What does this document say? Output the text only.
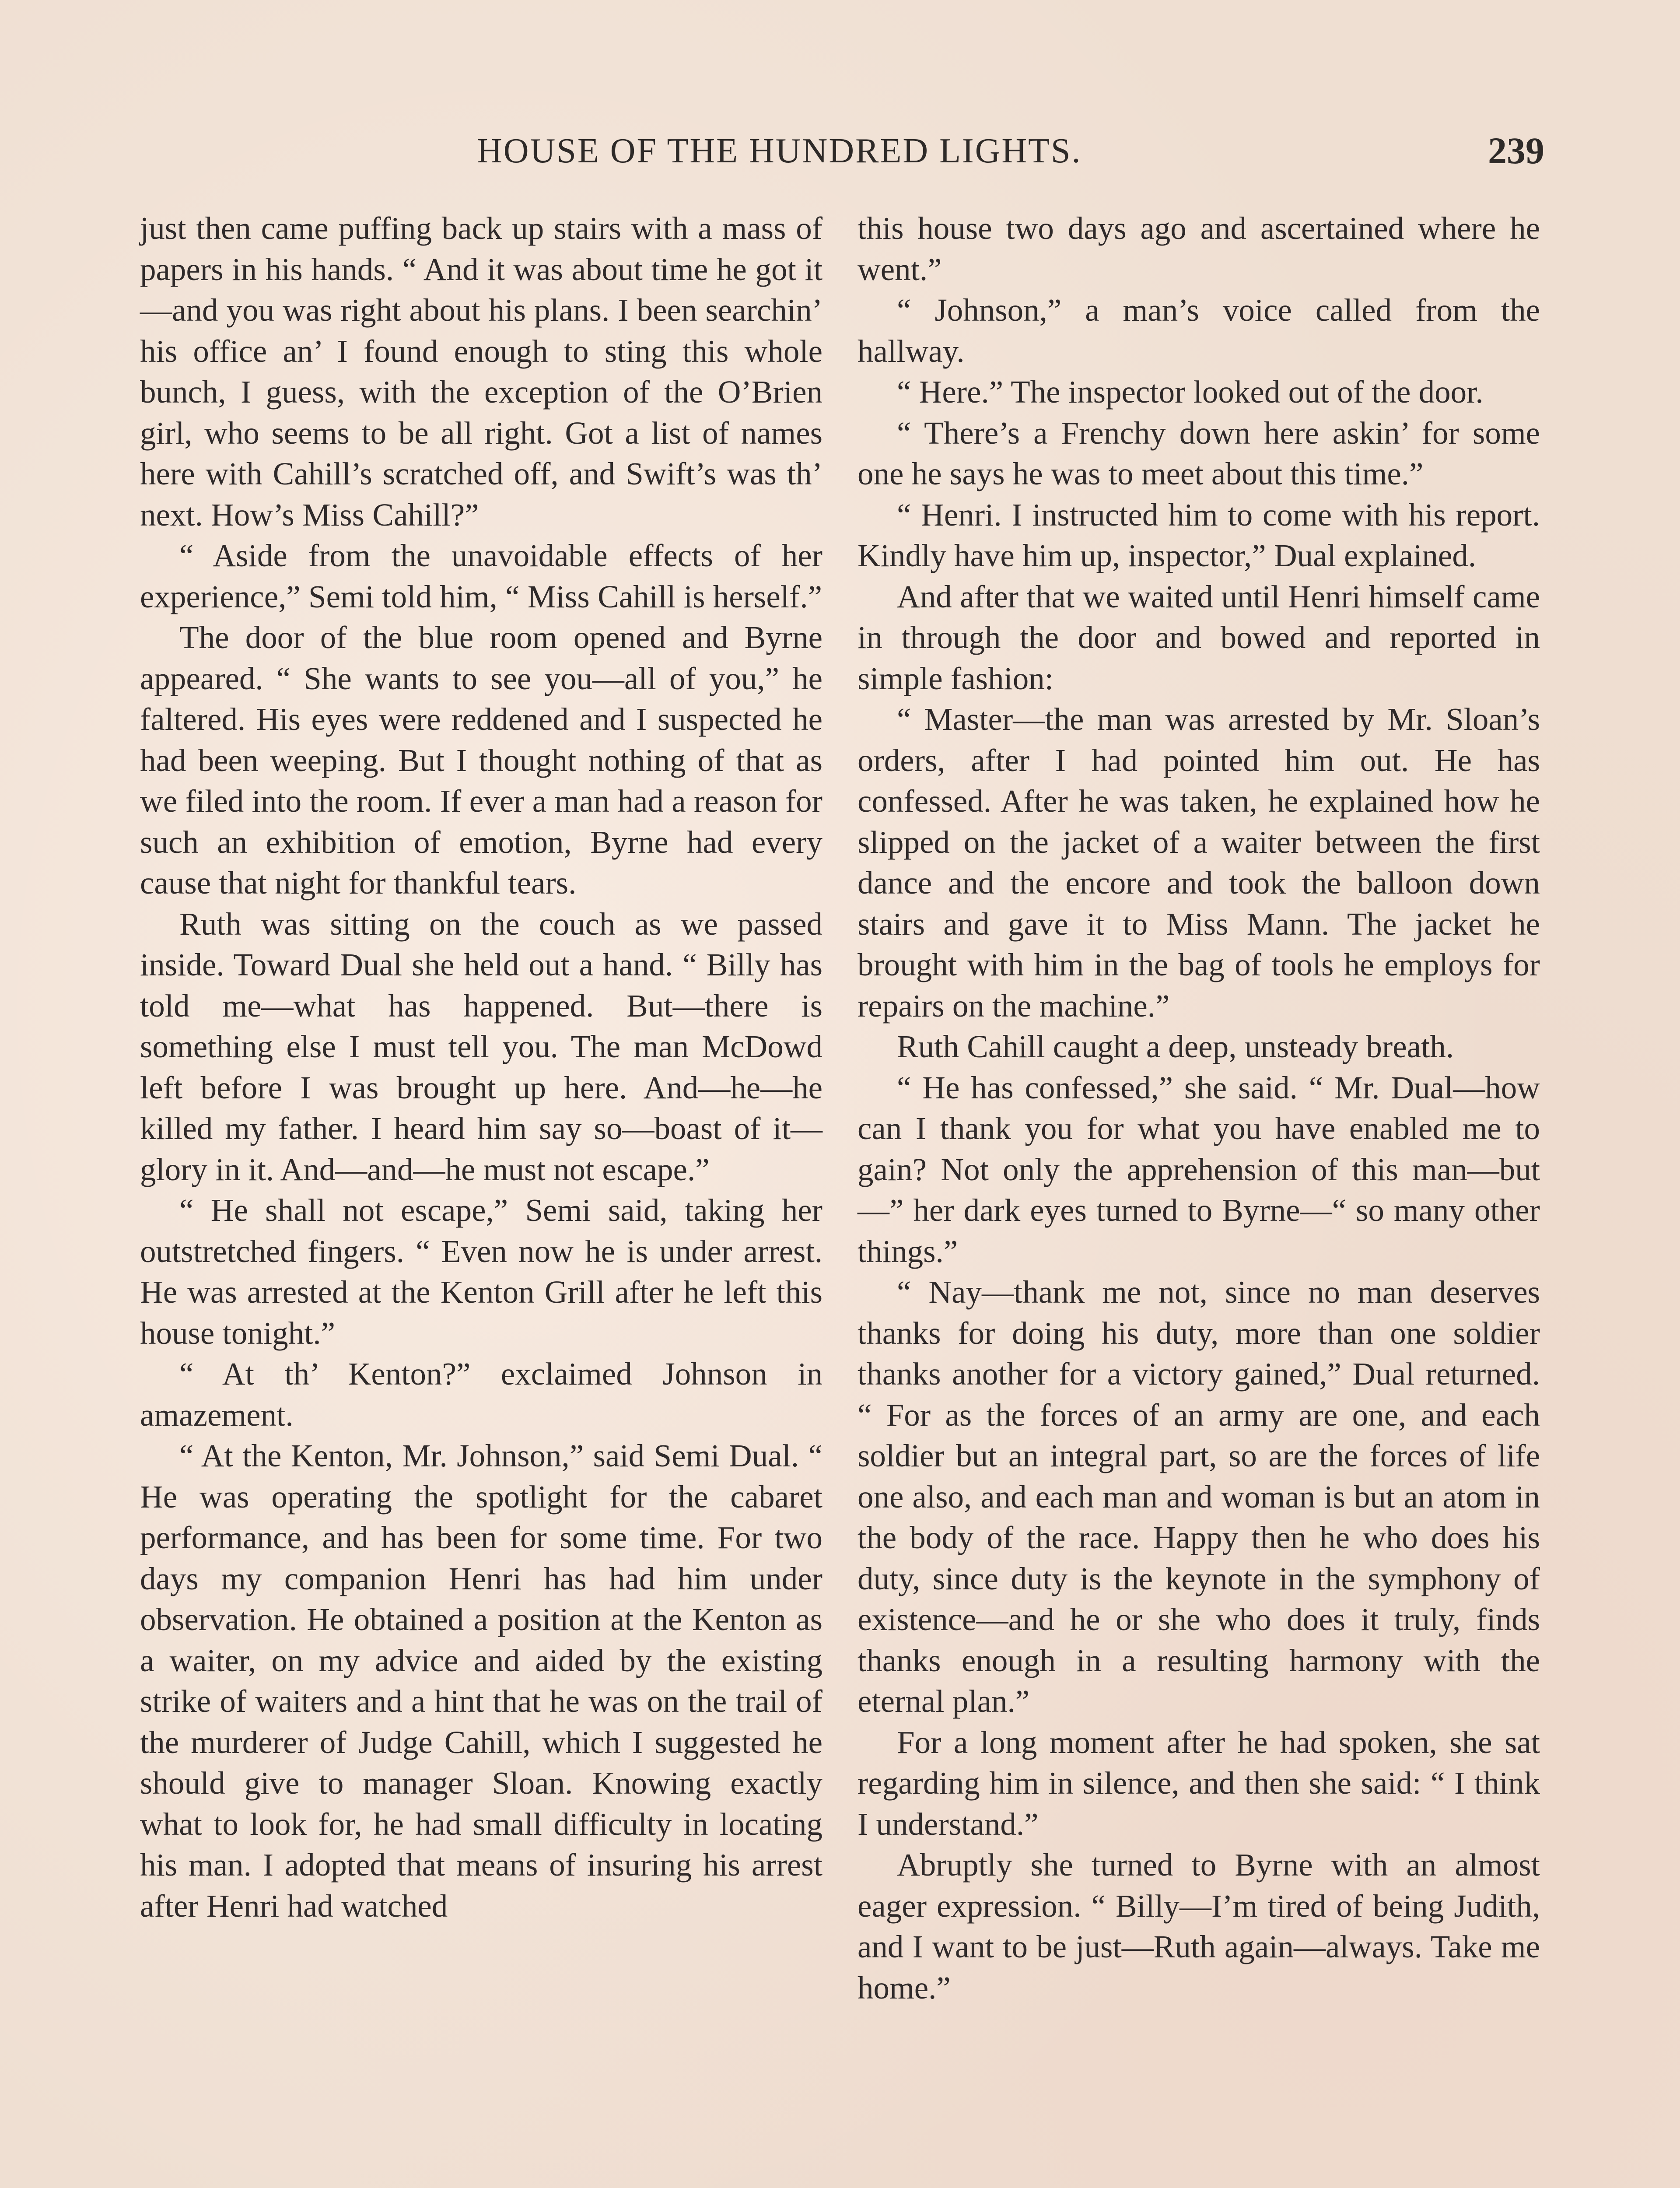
HOUSE OF THE HUNDRED LIGHTS.	239

just then came puffing back up stairs with a mass of papers in his hands. “ And it was about time he got it—and you was right about his plans. I been searchin’ his office an’ I found enough to sting this whole bunch, I guess, with the exception of the O’Brien girl, who seems to be all right. Got a list of names here with Cahill’s scratched off, and Swift’s was th’ next. How’s Miss Cahill?”

“ Aside from the unavoidable effects of her experience,” Semi told him, “ Miss Cahill is herself.”

The door of the blue room opened and Byrne appeared. “ She wants to see you—all of you,” he faltered. His eyes were reddened and I suspected he had been weeping. But I thought nothing of that as we filed into the room. If ever a man had a reason for such an exhibition of emotion, Byrne had every cause that night for thankful tears.

Ruth was sitting on the couch as we passed inside. Toward Dual she held out a hand. “ Billy has told me—what has happened. But—there is something else I must tell you. The man McDowd left before I was brought up here. And—he—he killed my father. I heard him say so—boast of it—glory in it. And—and—he must not escape.”

“ He shall not escape,” Semi said, taking her outstretched fingers. “ Even now he is under arrest. He was arrested at the Kenton Grill after he left this house tonight.”

“ At th’ Kenton?” exclaimed Johnson in amazement.

“ At the Kenton, Mr. Johnson,” said Semi Dual. “ He was operating the spotlight for the cabaret performance, and has been for some time. For two days my companion Henri has had him under observation. He obtained a position at the Kenton as a waiter, on my advice and aided by the existing strike of waiters and a hint that he was on the trail of the murderer of Judge Cahill, which I suggested he should give to manager Sloan. Knowing exactly what to look for, he had small difficulty in locating his man. I adopted that means of insuring his arrest after Henri had watched

this house two days ago and ascertained where he went.”

“ Johnson,” a man’s voice called from the hallway.

“ Here.” The inspector looked out of the door.

“ There’s a Frenchy down here askin’ for some one he says he was to meet about this time.”

“ Henri. I instructed him to come with his report. Kindly have him up, inspector,” Dual explained.

And after that we waited until Henri himself came in through the door and bowed and reported in simple fashion:

“ Master—the man was arrested by Mr. Sloan’s orders, after I had pointed him out. He has confessed. After he was taken, he explained how he slipped on the jacket of a waiter between the first dance and the encore and took the balloon down stairs and gave it to Miss Mann. The jacket he brought with him in the bag of tools he employs for repairs on the machine.”

Ruth Cahill caught a deep, unsteady breath.

“ He has confessed,” she said. “ Mr. Dual—how can I thank you for what you have enabled me to gain? Not only the apprehension of this man—but—” her dark eyes turned to Byrne—“ so many other things.”

“ Nay—thank me not, since no man deserves thanks for doing his duty, more than one soldier thanks another for a victory gained,” Dual returned. “ For as the forces of an army are one, and each soldier but an integral part, so are the forces of life one also, and each man and woman is but an atom in the body of the race. Happy then he who does his duty, since duty is the keynote in the symphony of existence—and he or she who does it truly, finds thanks enough in a resulting harmony with the eternal plan.”

For a long moment after he had spoken, she sat regarding him in silence, and then she said: “ I think I understand.”

Abruptly she turned to Byrne with an almost eager expression. “ Billy—I’m tired of being Judith, and I want to be just—Ruth again—always. Take me home.”
